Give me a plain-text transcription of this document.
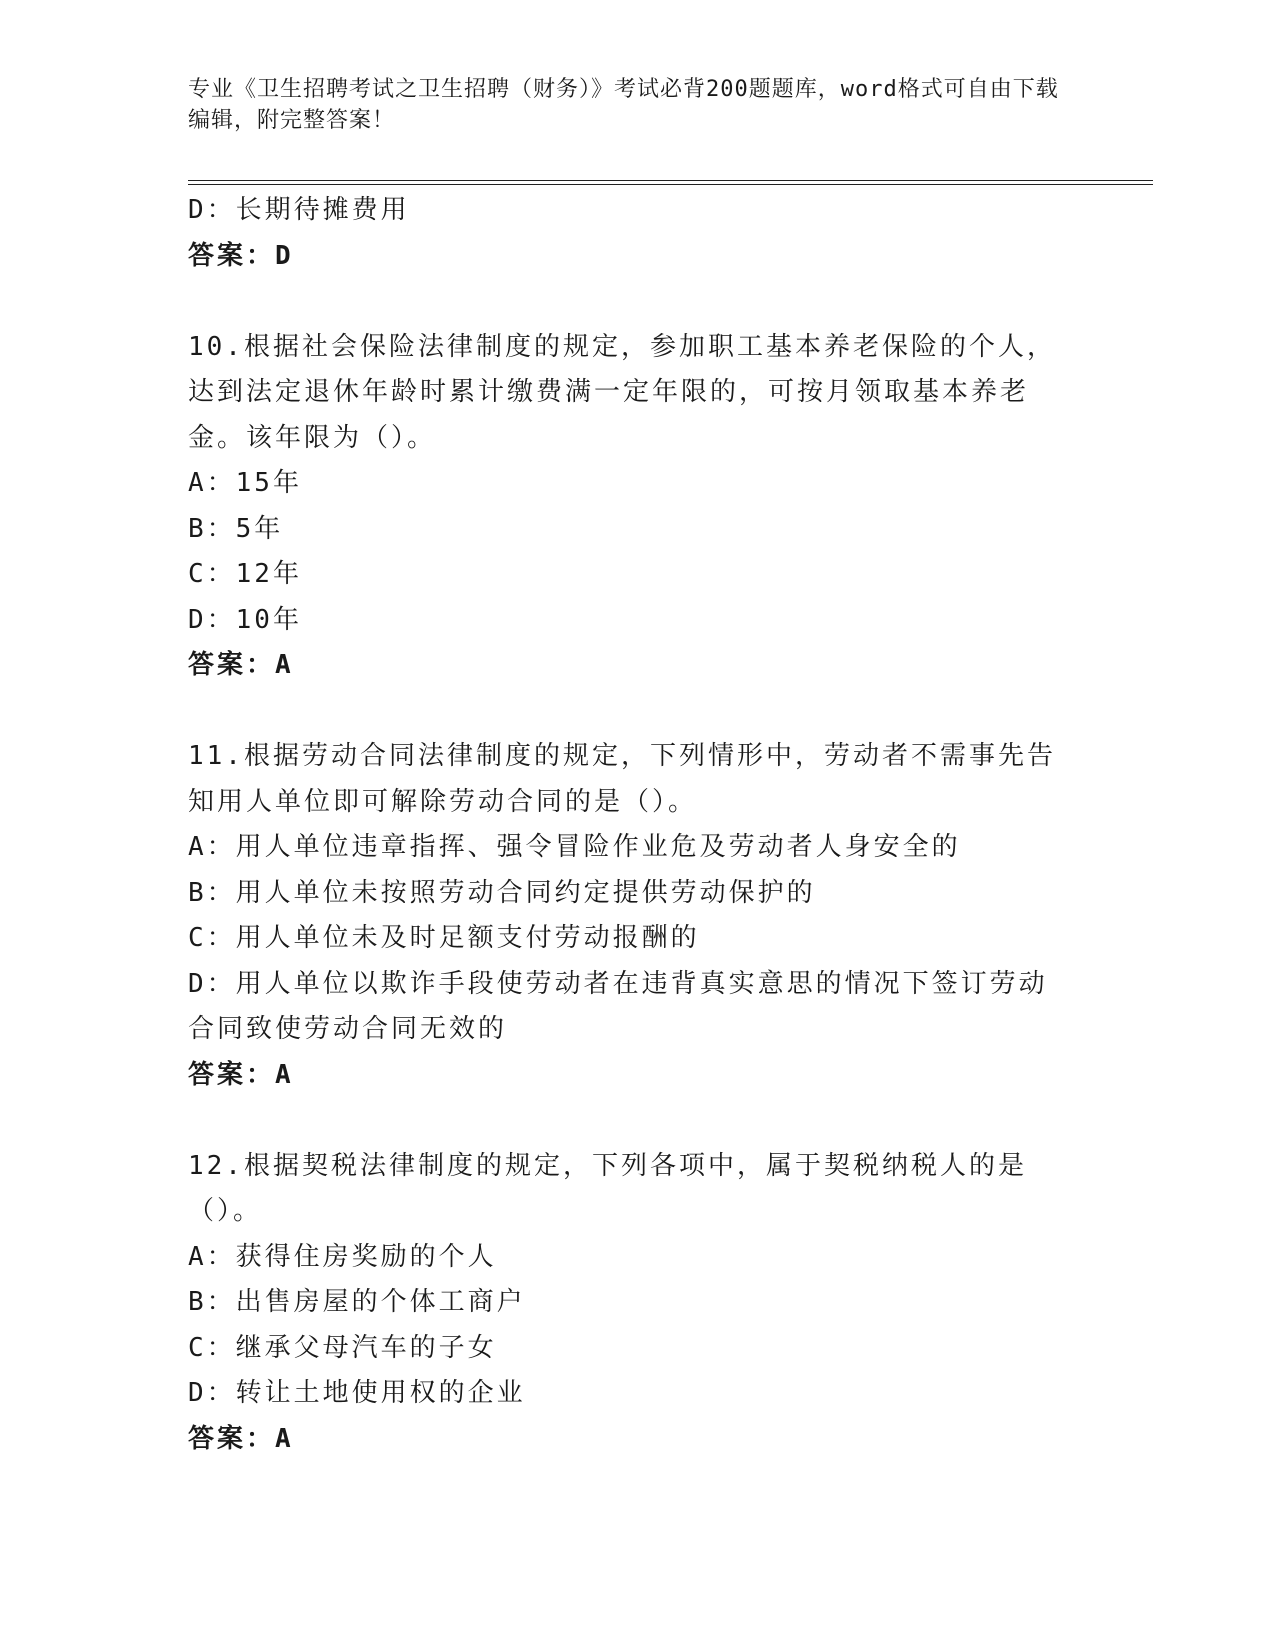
专业《卫生招聘考试之卫生招聘（财务）》考试必背200题题库，word格式可自由下载编辑，附完整答案！
D：长期待摊费用
答案：D
10.根据社会保险法律制度的规定，参加职工基本养老保险的个人，达到法定退休年龄时累计缴费满一定年限的，可按月领取基本养老金。该年限为（）。
A：15年
B：5年
C：12年
D：10年
答案：A
11.根据劳动合同法律制度的规定，下列情形中，劳动者不需事先告知用人单位即可解除劳动合同的是（）。
A：用人单位违章指挥、强令冒险作业危及劳动者人身安全的
B：用人单位未按照劳动合同约定提供劳动保护的
C：用人单位未及时足额支付劳动报酬的
D：用人单位以欺诈手段使劳动者在违背真实意思的情况下签订劳动合同致使劳动合同无效的
答案：A
12.根据契税法律制度的规定，下列各项中，属于契税纳税人的是（）。
A：获得住房奖励的个人
B：出售房屋的个体工商户
C：继承父母汽车的子女
D：转让土地使用权的企业
答案：A
